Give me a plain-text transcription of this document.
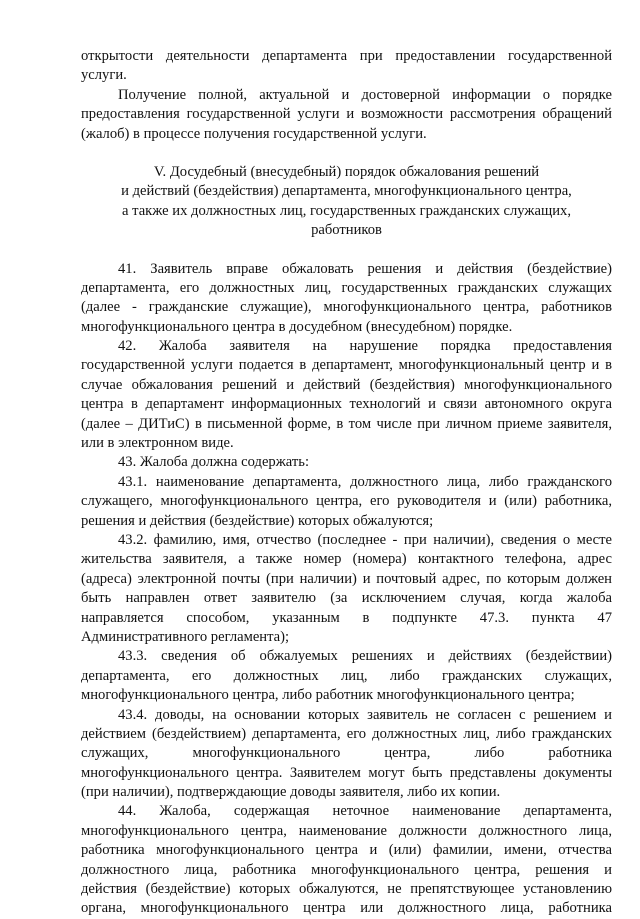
открытости деятельности департамента при предоставлении государственной
услуги.
Получение полной, актуальной и достоверной информации о порядке
предоставления государственной услуги и возможности рассмотрения обращений
(жалоб) в процессе получения государственной услуги.
V. Досудебный (внесудебный) порядок обжалования решений
и действий (бездействия) департамента, многофункционального центра,
а также их должностных лиц, государственных гражданских служащих,
работников
41. Заявитель вправе обжаловать решения и действия (бездействие)
департамента, его должностных лиц, государственных гражданских служащих
(далее - гражданские служащие), многофункционального центра, работников
многофункционального центра в досудебном (внесудебном) порядке.
42. Жалоба заявителя на нарушение порядка предоставления
государственной услуги подается в департамент, многофункциональный центр и в
случае обжалования решений и действий (бездействия) многофункционального
центра в департамент информационных технологий и связи автономного округа
(далее – ДИТиС) в письменной форме, в том числе при личном приеме заявителя,
или в электронном виде.
43. Жалоба должна содержать:
43.1. наименование департамента, должностного лица, либо гражданского
служащего, многофункционального центра, его руководителя и (или) работника,
решения и действия (бездействие) которых обжалуются;
43.2. фамилию, имя, отчество (последнее - при наличии), сведения о месте
жительства заявителя, а также номер (номера) контактного телефона, адрес
(адреса) электронной почты (при наличии) и почтовый адрес, по которым должен
быть направлен ответ заявителю (за исключением случая, когда жалоба
направляется способом, указанным в подпункте 47.3. пункта 47
Административного регламента);
43.3. сведения об обжалуемых решениях и действиях (бездействии)
департамента, его должностных лиц, либо гражданских служащих,
многофункционального центра, либо работник многофункционального центра;
43.4. доводы, на основании которых заявитель не согласен с решением и
действием (бездействием) департамента, его должностных лиц, либо гражданских
служащих, многофункционального центра, либо работника
многофункционального центра. Заявителем могут быть представлены документы
(при наличии), подтверждающие доводы заявителя, либо их копии.
44. Жалоба, содержащая неточное наименование департамента,
многофункционального центра, наименование должности должностного лица,
работника многофункционального центра и (или) фамилии, имени, отчества
должностного лица, работника многофункционального центра, решения и
действия (бездействие) которых обжалуются, не препятствующее установлению
органа, многофункционального центра или должностного лица, работника
